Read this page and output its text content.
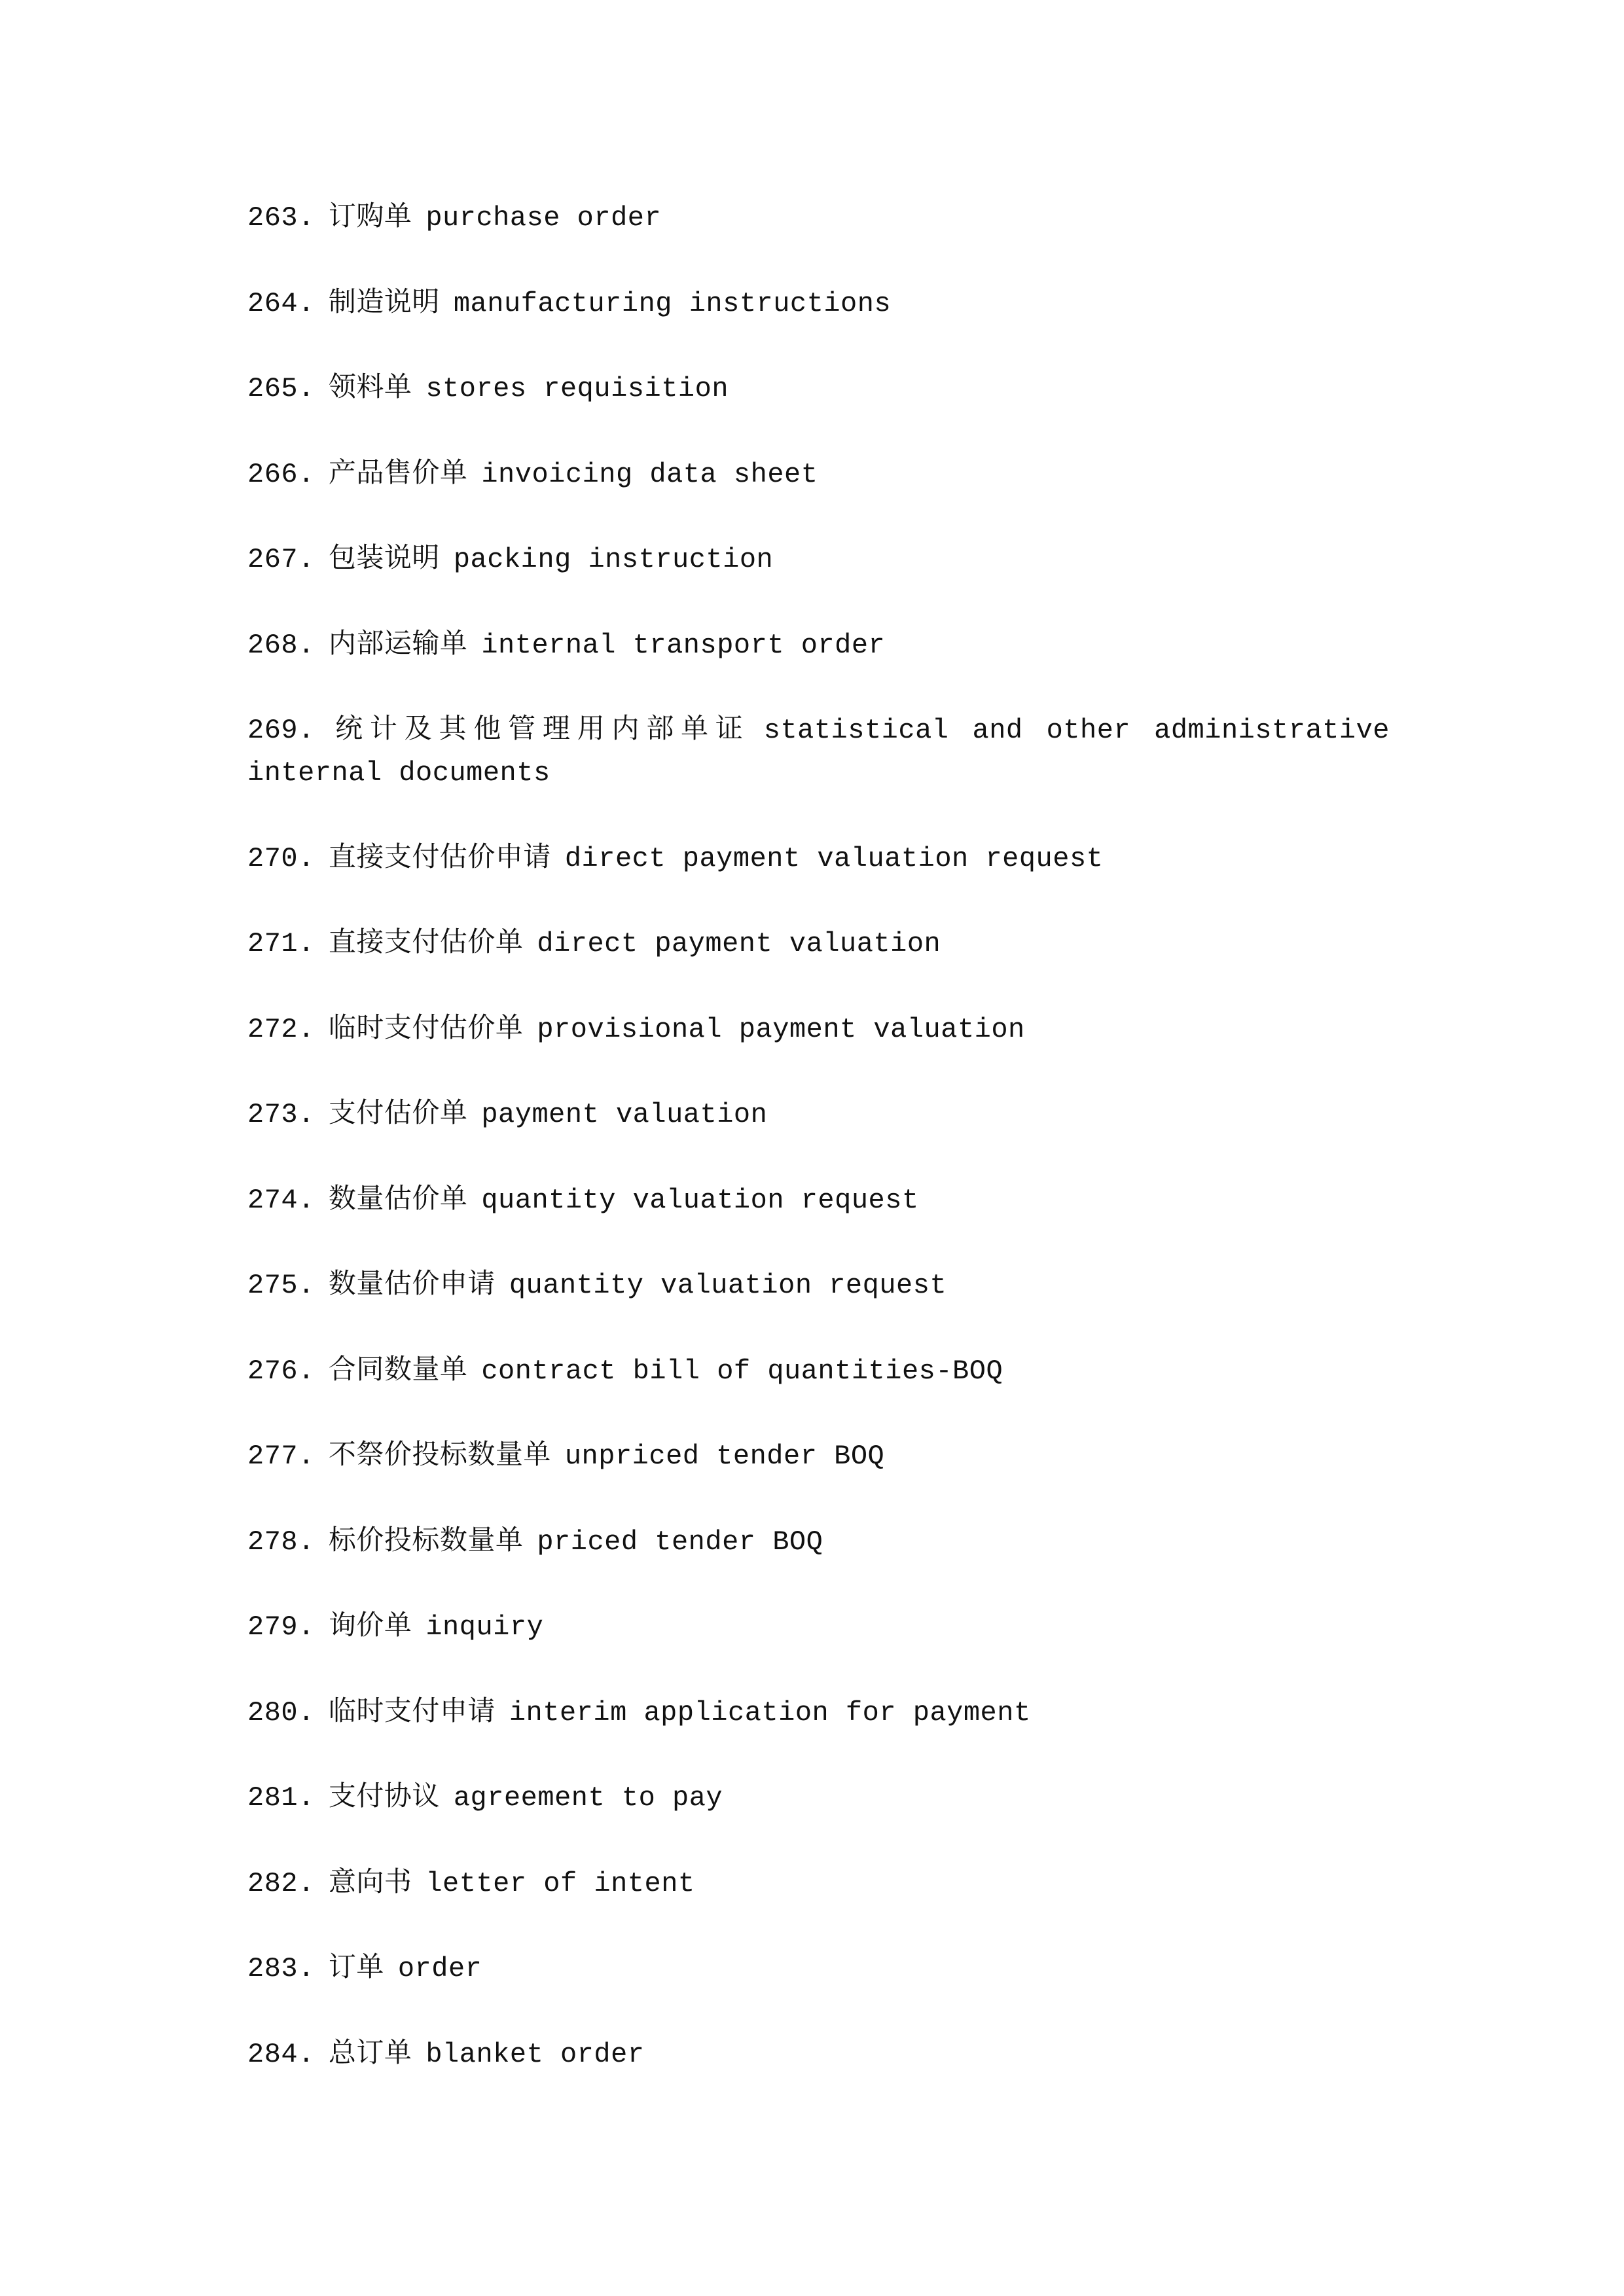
263. 订购单 purchase order

264. 制造说明 manufacturing instructions

265. 领料单 stores requisition

266. 产品售价单 invoicing data sheet

267. 包装说明 packing instruction

268. 内部运输单 internal transport order

269. 统计及其他管理用内部单证 statistical and other administrative internal documents

270. 直接支付估价申请 direct payment valuation request

271. 直接支付估价单 direct payment valuation

272. 临时支付估价单 provisional payment valuation

273. 支付估价单 payment valuation

274. 数量估价单 quantity valuation request

275. 数量估价申请 quantity valuation request

276. 合同数量单 contract bill of quantities-BOQ

277. 不祭价投标数量单 unpriced tender BOQ

278. 标价投标数量单 priced tender BOQ

279. 询价单 inquiry

280. 临时支付申请 interim application for payment

281. 支付协议 agreement to pay

282. 意向书 letter of intent

283. 订单 order

284. 总订单 blanket order
